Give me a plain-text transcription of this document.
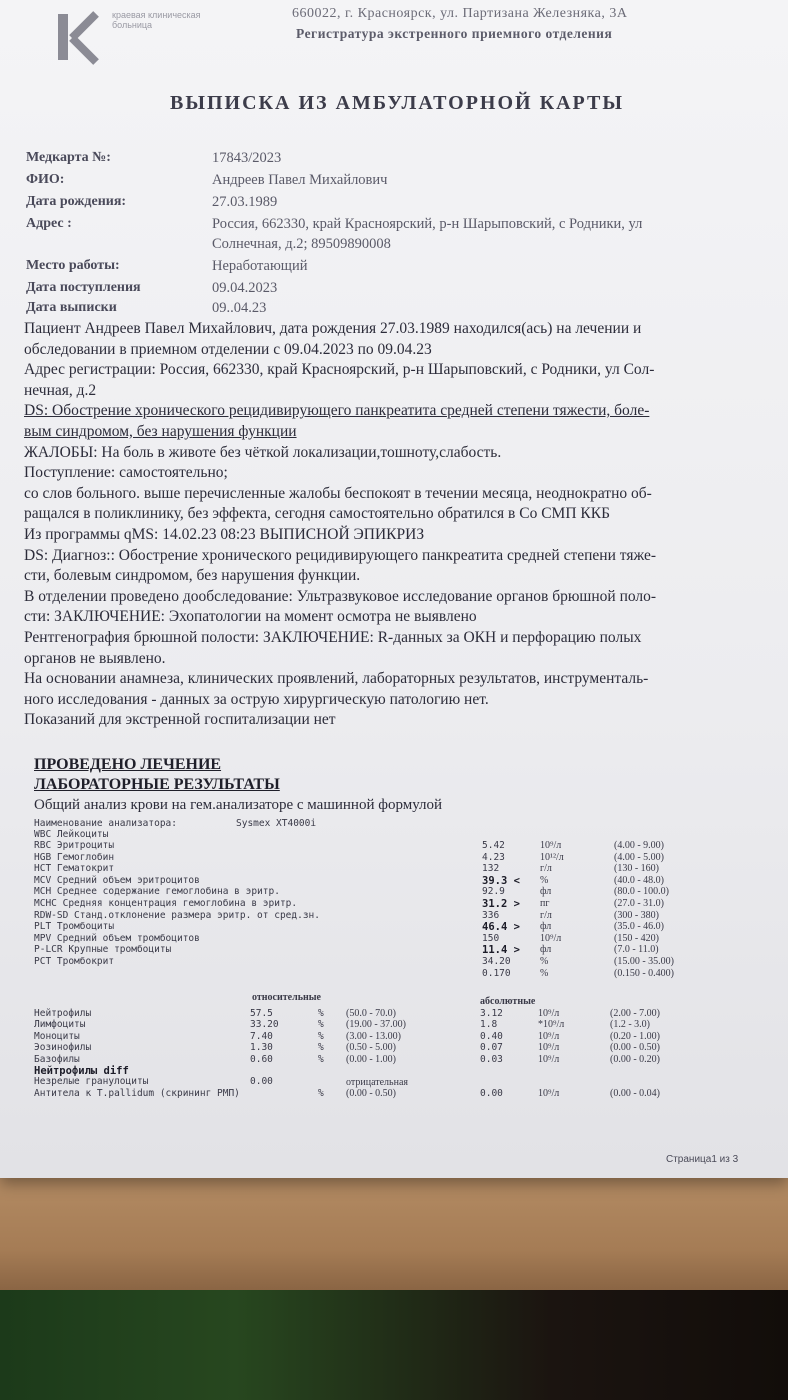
краевая клиническая больница
660022, г. Красноярск, ул. Партизана Железняка, 3А
Регистратура экстренного приемного отделения
ВЫПИСКА ИЗ АМБУЛАТОРНОЙ КАРТЫ
Медкарта №:	17843/2023
ФИО:	Андреев Павел Михайлович
Дата рождения:	27.03.1989
Адрес :	Россия, 662330, край Красноярский, р-н Шарыповский, с Родники, ул
Солнечная, д.2; 89509890008
Место работы:	Неработающий
Дата поступления	09.04.2023
Дата выписки	09..04.23
Пациент Андреев Павел Михайлович, дата рождения 27.03.1989 находился(ась) на лечении и
обследовании в приемном отделении с 09.04.2023 по 09.04.23
Адрес регистрации: Россия, 662330, край Красноярский, р-н Шарыповский, с Родники, ул Сол-
нечная, д.2
DS: Обострение хронического рецидивирующего панкреатита средней степени тяжести, боле-
вым синдромом, без нарушения функции
ЖАЛОБЫ: На боль в животе без чёткой локализации,тошноту,слабость.
Поступление: самостоятельно;
со слов больного. выше перечисленные жалобы беспокоят в течении месяца, неоднократно об-
ращался в поликлинику, без эффекта, сегодня самостоятельно обратился в Со СМП ККБ
Из программы qMS: 14.02.23 08:23 ВЫПИСНОЙ ЭПИКРИЗ
DS: Диагноз:: Обострение хронического рецидивирующего панкреатита средней степени тяже-
сти, болевым синдромом, без нарушения функции.
В отделении проведено дообследование: Ультразвуковое исследование органов брюшной поло-
сти: ЗАКЛЮЧЕНИЕ: Эхопатологии на момент осмотра не выявлено
Рентгенография брюшной полости: ЗАКЛЮЧЕНИЕ: R-данных за ОКН и перфорацию полых
органов не выявлено.
На основании анамнеза, клинических проявлений, лабораторных результатов, инструменталь-
ного исследования - данных за острую хирургическую патологию нет.
Показаний для экстренной госпитализации нет
ПРОВЕДЕНО ЛЕЧЕНИЕ
ЛАБОРАТОРНЫЕ РЕЗУЛЬТАТЫ
Общий анализ крови на гем.анализаторе с машинной формулой
Наименование анализатора:	Sysmex XT4000i
WBC Лейкоциты
RBC Эритроциты	5.42	10⁹/л	(4.00 - 9.00)
HGB Гемоглобин	4.23	10¹²/л	(4.00 - 5.00)
HCT Гематокрит	132	г/л	(130 - 160)
MCV Средний объем эритроцитов	39.3 < %	(40.0 - 48.0)
MCH Среднее содержание гемоглобина в эритр.	92.9	фл	(80.0 - 100.0)
MCHC Средняя концентрация гемоглобина в эритр.	31.2 > пг	(27.0 - 31.0)
RDW-SD Станд.отклонение размера эритр. от сред.зн.	336	г/л	(300 - 380)
PLT Тромбоциты	46.4 > фл	(35.0 - 46.0)
MPV Средний объем тромбоцитов	150	10⁹/л	(150 - 420)
P-LCR Крупные тромбоциты	11.4 > фл	(7.0 - 11.0)
PCT Тромбокрит	34.20	%	(15.00 - 35.00)
0.170	%	(0.150 - 0.400)
относительные	абсолютные
Нейтрофилы	57.5	% (50.0 - 70.0)	3.12	10⁹/л	(2.00 - 7.00)
Лимфоциты	33.20	% (19.00 - 37.00)	1.8	*10⁹/л	(1.2 - 3.0)
Моноциты	7.40	% (3.00 - 13.00)	0.40	10⁹/л	(0.20 - 1.00)
Эозинофилы	1.30	% (0.50 - 5.00)	0.07	10⁹/л	(0.00 - 0.50)
Базофилы	0.60	% (0.00 - 1.00)	0.03	10⁹/л	(0.00 - 0.20)
Нейтрофилы diff
Незрелые гранулоциты	0.00
Антитела к T.pallidum (скрининг РМП)	% (0.00 - 0.50)	0.00	10⁹/л	(0.00 - 0.04)
отрицательная
Страница1 из 3
